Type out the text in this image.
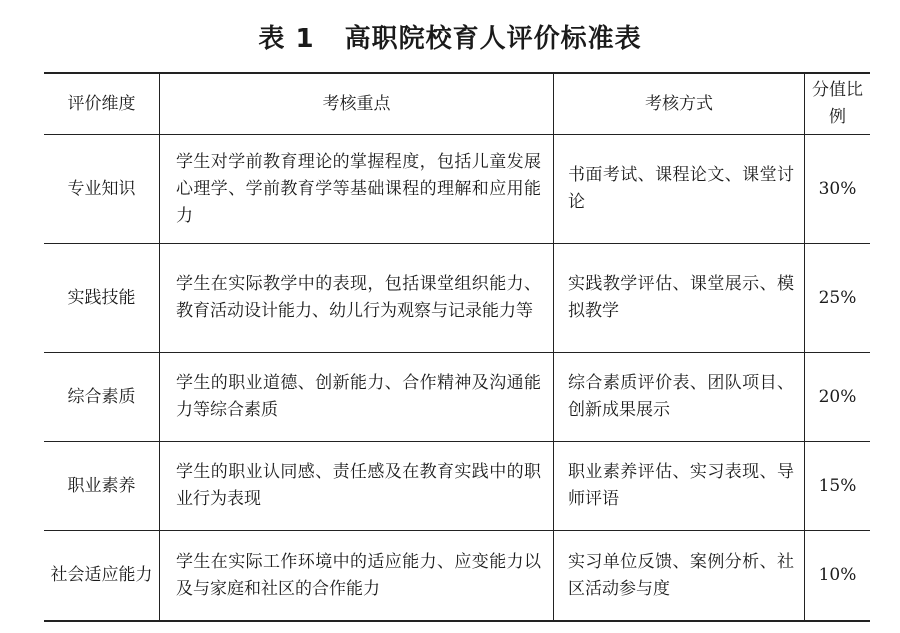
表 1 高职院校育人评价标准表
评价维度	考核重点	考核方式	分值比例
专业知识	学生对学前教育理论的掌握程度，包括儿童发展心理学、学前教育学等基础课程的理解和应用能力	书面考试、课程论文、课堂讨论	30%
实践技能	学生在实际教学中的表现，包括课堂组织能力、教育活动设计能力、幼儿行为观察与记录能力等	实践教学评估、课堂展示、模拟教学	25%
综合素质	学生的职业道德、创新能力、合作精神及沟通能力等综合素质	综合素质评价表、团队项目、创新成果展示	20%
职业素养	学生的职业认同感、责任感及在教育实践中的职业行为表现	职业素养评估、实习表现、导师评语	15%
社会适应能力	学生在实际工作环境中的适应能力、应变能力以及与家庭和社区的合作能力	实习单位反馈、案例分析、社区活动参与度	10%
